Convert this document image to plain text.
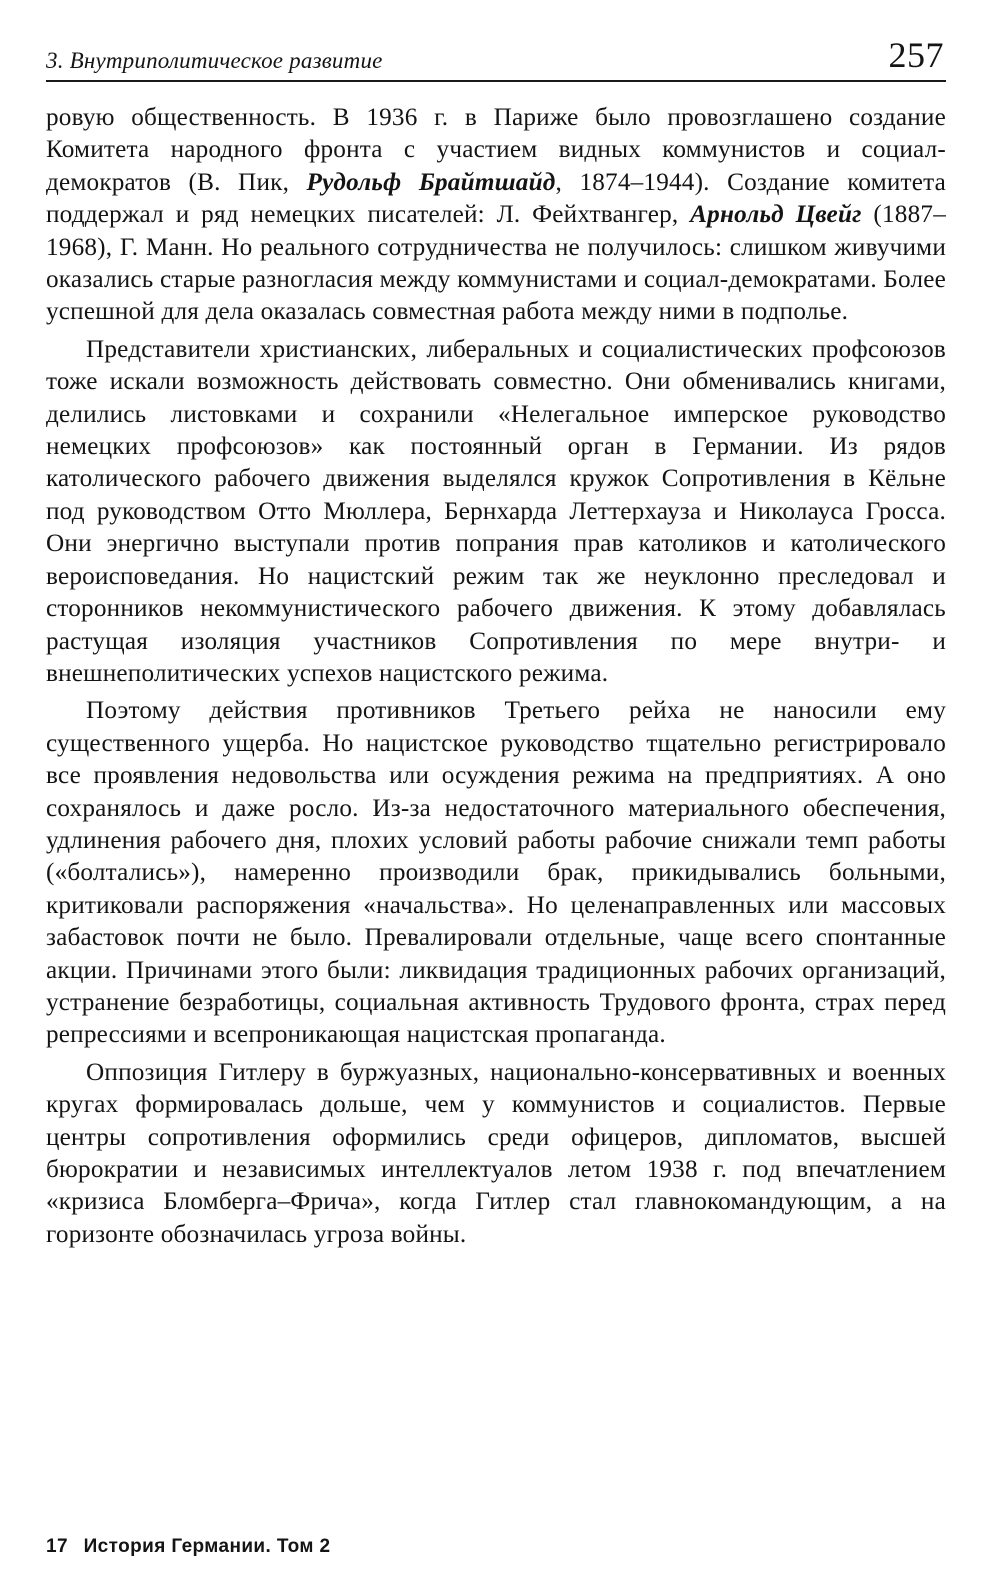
3. Внутриполитическое развитие	257

ровую общественность. В 1936 г. в Париже было провозглашено создание Комитета народного фронта с участием видных коммунистов и социал-демократов (В. Пик, Рудольф Брайтшайд, 1874–1944). Создание комитета поддержал и ряд немецких писателей: Л. Фейхтвангер, Арнольд Цвейг (1887–1968), Г. Манн. Но реального сотрудничества не получилось: слишком живучими оказались старые разногласия между коммунистами и социал-демократами. Более успешной для дела оказалась совместная работа между ними в подполье.

Представители христианских, либеральных и социалистических профсоюзов тоже искали возможность действовать совместно. Они обменивались книгами, делились листовками и сохранили «Нелегальное имперское руководство немецких профсоюзов» как постоянный орган в Германии. Из рядов католического рабочего движения выделялся кружок Сопротивления в Кёльне под руководством Отто Мюллера, Бернхарда Леттерхауза и Николауса Гросса. Они энергично выступали против попрания прав католиков и католического вероисповедания. Но нацистский режим так же неуклонно преследовал и сторонников некоммунистического рабочего движения. К этому добавлялась растущая изоляция участников Сопротивления по мере внутри- и внешнеполитических успехов нацистского режима.

Поэтому действия противников Третьего рейха не наносили ему существенного ущерба. Но нацистское руководство тщательно регистрировало все проявления недовольства или осуждения режима на предприятиях. А оно сохранялось и даже росло. Из-за недостаточного материального обеспечения, удлинения рабочего дня, плохих условий работы рабочие снижали темп работы («болтались»), намеренно производили брак, прикидывались больными, критиковали распоряжения «начальства». Но целенаправленных или массовых забастовок почти не было. Превалировали отдельные, чаще всего спонтанные акции. Причинами этого были: ликвидация традиционных рабочих организаций, устранение безработицы, социальная активность Трудового фронта, страх перед репрессиями и всепроникающая нацистская пропаганда.

Оппозиция Гитлеру в буржуазных, национально-консервативных и военных кругах формировалась дольше, чем у коммунистов и социалистов. Первые центры сопротивления оформились среди офицеров, дипломатов, высшей бюрократии и независимых интеллектуалов летом 1938 г. под впечатлением «кризиса Бломберга–Фрича», когда Гитлер стал главнокомандующим, а на горизонте обозначилась угроза войны.

17 История Германии. Том 2
